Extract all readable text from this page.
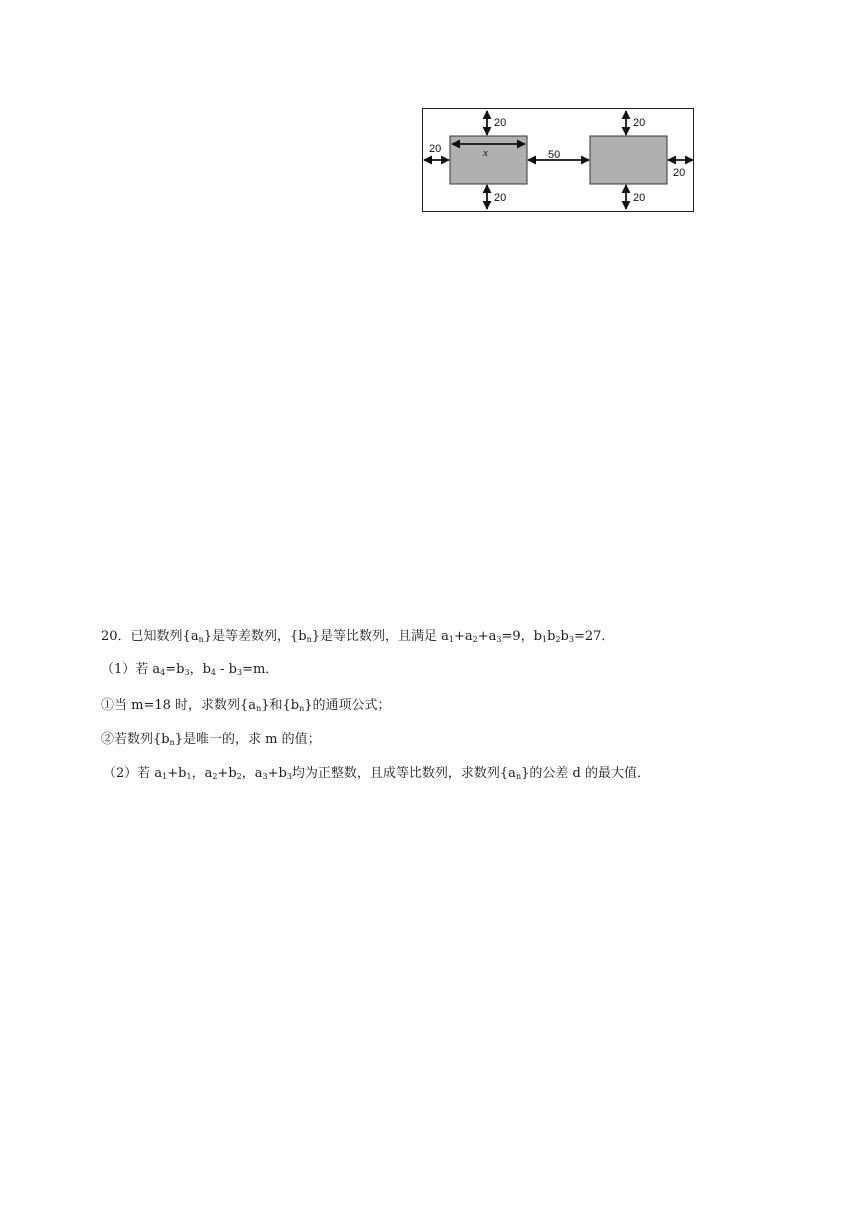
20
20	x	50
20
20
20
20
20．已知数列$\{a_n\}$是等差数列，$\{b_n\}$是等比数列，且满足 $a_1+a_2+a_3=9$，$b_1b_2b_3=27$．
（1）若 $a_4=b_3$，$b_4 - b_3=m$．
①当 m=18 时，求数列$\{a_n\}$和$\{b_n\}$的通项公式；
②若数列$\{b_n\}$是唯一的，求 m 的值；
（2）若 $a_1+b_1$，$a_2+b_2$，$a_3+b_3$均为正整数，且成等比数列，求数列$\{a_n\}$的公差 d 的最大值．
